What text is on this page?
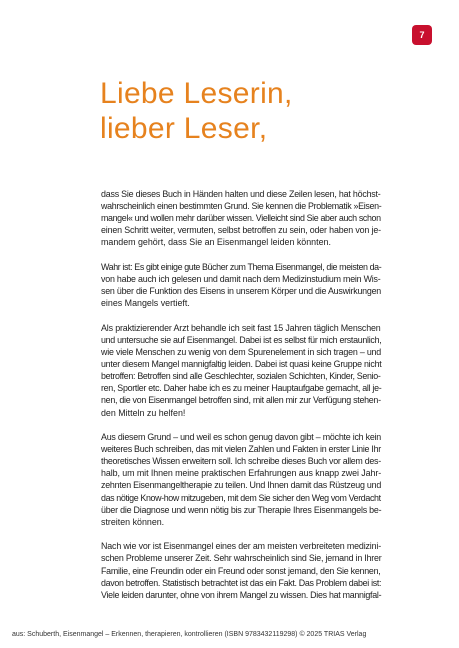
7
Liebe Leserin,
lieber Leser,

dass Sie dieses Buch in Händen halten und diese Zeilen lesen, hat höchst-
wahrscheinlich einen bestimmten Grund. Sie kennen die Problematik »Eisen-
mangel« und wollen mehr darüber wissen. Vielleicht sind Sie aber auch schon
einen Schritt weiter, vermuten, selbst betroffen zu sein, oder haben von je-
mandem gehört, dass Sie an Eisenmangel leiden könnten.

Wahr ist: Es gibt einige gute Bücher zum Thema Eisenmangel, die meisten da-
von habe auch ich gelesen und damit nach dem Medizinstudium mein Wis-
sen über die Funktion des Eisens in unserem Körper und die Auswirkungen
eines Mangels vertieft.

Als praktizierender Arzt behandle ich seit fast 15 Jahren täglich Menschen
und untersuche sie auf Eisenmangel. Dabei ist es selbst für mich erstaunlich,
wie viele Menschen zu wenig von dem Spurenelement in sich tragen – und
unter diesem Mangel mannigfaltig leiden. Dabei ist quasi keine Gruppe nicht
betroffen: Betroffen sind alle Geschlechter, sozialen Schichten, Kinder, Senio-
ren, Sportler etc. Daher habe ich es zu meiner Hauptaufgabe gemacht, all je-
nen, die von Eisenmangel betroffen sind, mit allen mir zur Verfügung stehen-
den Mitteln zu helfen!

Aus diesem Grund – und weil es schon genug davon gibt – möchte ich kein
weiteres Buch schreiben, das mit vielen Zahlen und Fakten in erster Linie Ihr
theoretisches Wissen erweitern soll. Ich schreibe dieses Buch vor allem des-
halb, um mit Ihnen meine praktischen Erfahrungen aus knapp zwei Jahr-
zehnten Eisenmangeltherapie zu teilen. Und Ihnen damit das Rüstzeug und
das nötige Know-how mitzugeben, mit dem Sie sicher den Weg vom Verdacht
über die Diagnose und wenn nötig bis zur Therapie Ihres Eisenmangels be-
streiten können.

Nach wie vor ist Eisenmangel eines der am meisten verbreiteten medizini-
schen Probleme unserer Zeit. Sehr wahrscheinlich sind Sie, jemand in Ihrer
Familie, eine Freundin oder ein Freund oder sonst jemand, den Sie kennen,
davon betroffen. Statistisch betrachtet ist das ein Fakt. Das Problem dabei ist:
Viele leiden darunter, ohne von ihrem Mangel zu wissen. Dies hat mannigfal-

aus: Schuberth, Eisenmangel – Erkennen, therapieren, kontrollieren (ISBN 9783432119298) © 2025 TRIAS Verlag
